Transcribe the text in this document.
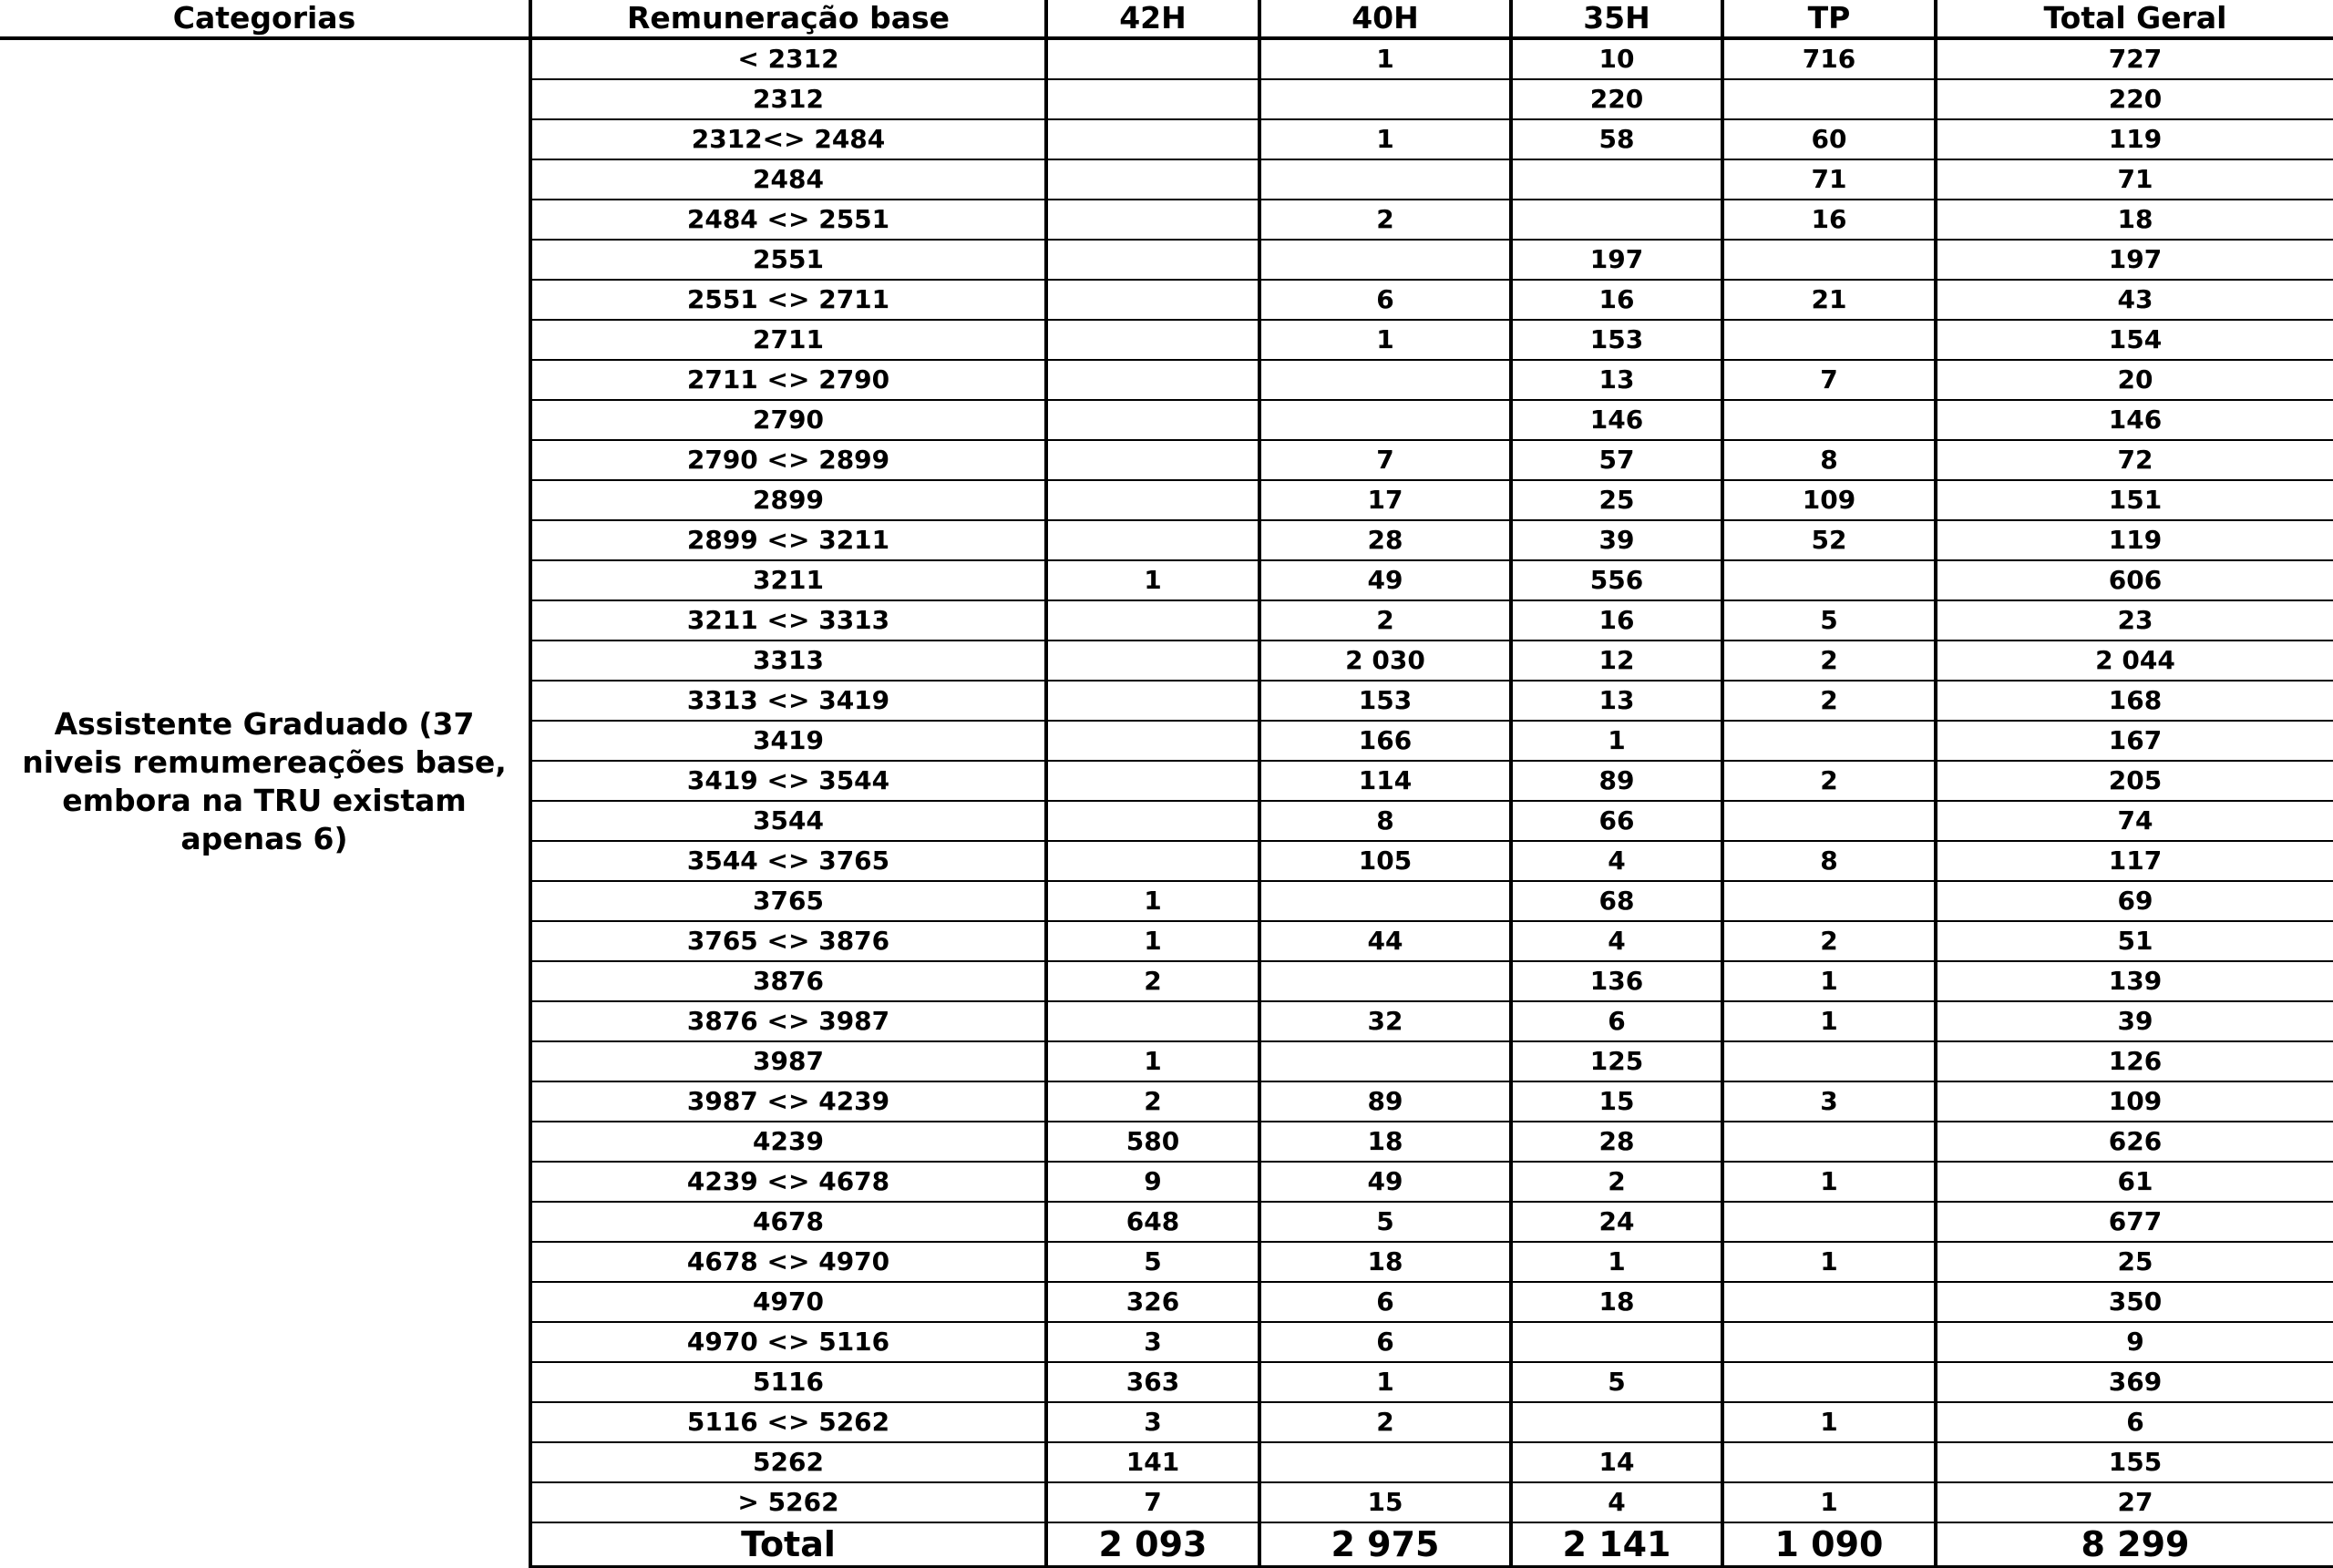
Categorias	Remuneração base	42H	40H	35H	TP	Total Geral
Assistente Graduado (37 niveis remumereações base, embora na TRU existam apenas 6)	< 2312		1	10	716	727
	2312			220		220
	2312<> 2484		1	58	60	119
	2484				71	71
	2484 <> 2551		2		16	18
	2551			197		197
	2551 <> 2711		6	16	21	43
	2711		1	153		154
	2711 <> 2790			13	7	20
	2790			146		146
	2790 <> 2899		7	57	8	72
	2899		17	25	109	151
	2899 <> 3211		28	39	52	119
	3211	1	49	556		606
	3211 <> 3313		2	16	5	23
	3313		2 030	12	2	2 044
	3313 <> 3419		153	13	2	168
	3419		166	1		167
	3419 <> 3544		114	89	2	205
	3544		8	66		74
	3544 <> 3765		105	4	8	117
	3765	1		68		69
	3765 <> 3876	1	44	4	2	51
	3876	2		136	1	139
	3876 <> 3987		32	6	1	39
	3987	1		125		126
	3987 <> 4239	2	89	15	3	109
	4239	580	18	28		626
	4239 <> 4678	9	49	2	1	61
	4678	648	5	24		677
	4678 <> 4970	5	18	1	1	25
	4970	326	6	18		350
	4970 <> 5116	3	6			9
	5116	363	1	5		369
	5116 <> 5262	3	2		1	6
	5262	141		14		155
	> 5262	7	15	4	1	27
	Total	2 093	2 975	2 141	1 090	8 299
